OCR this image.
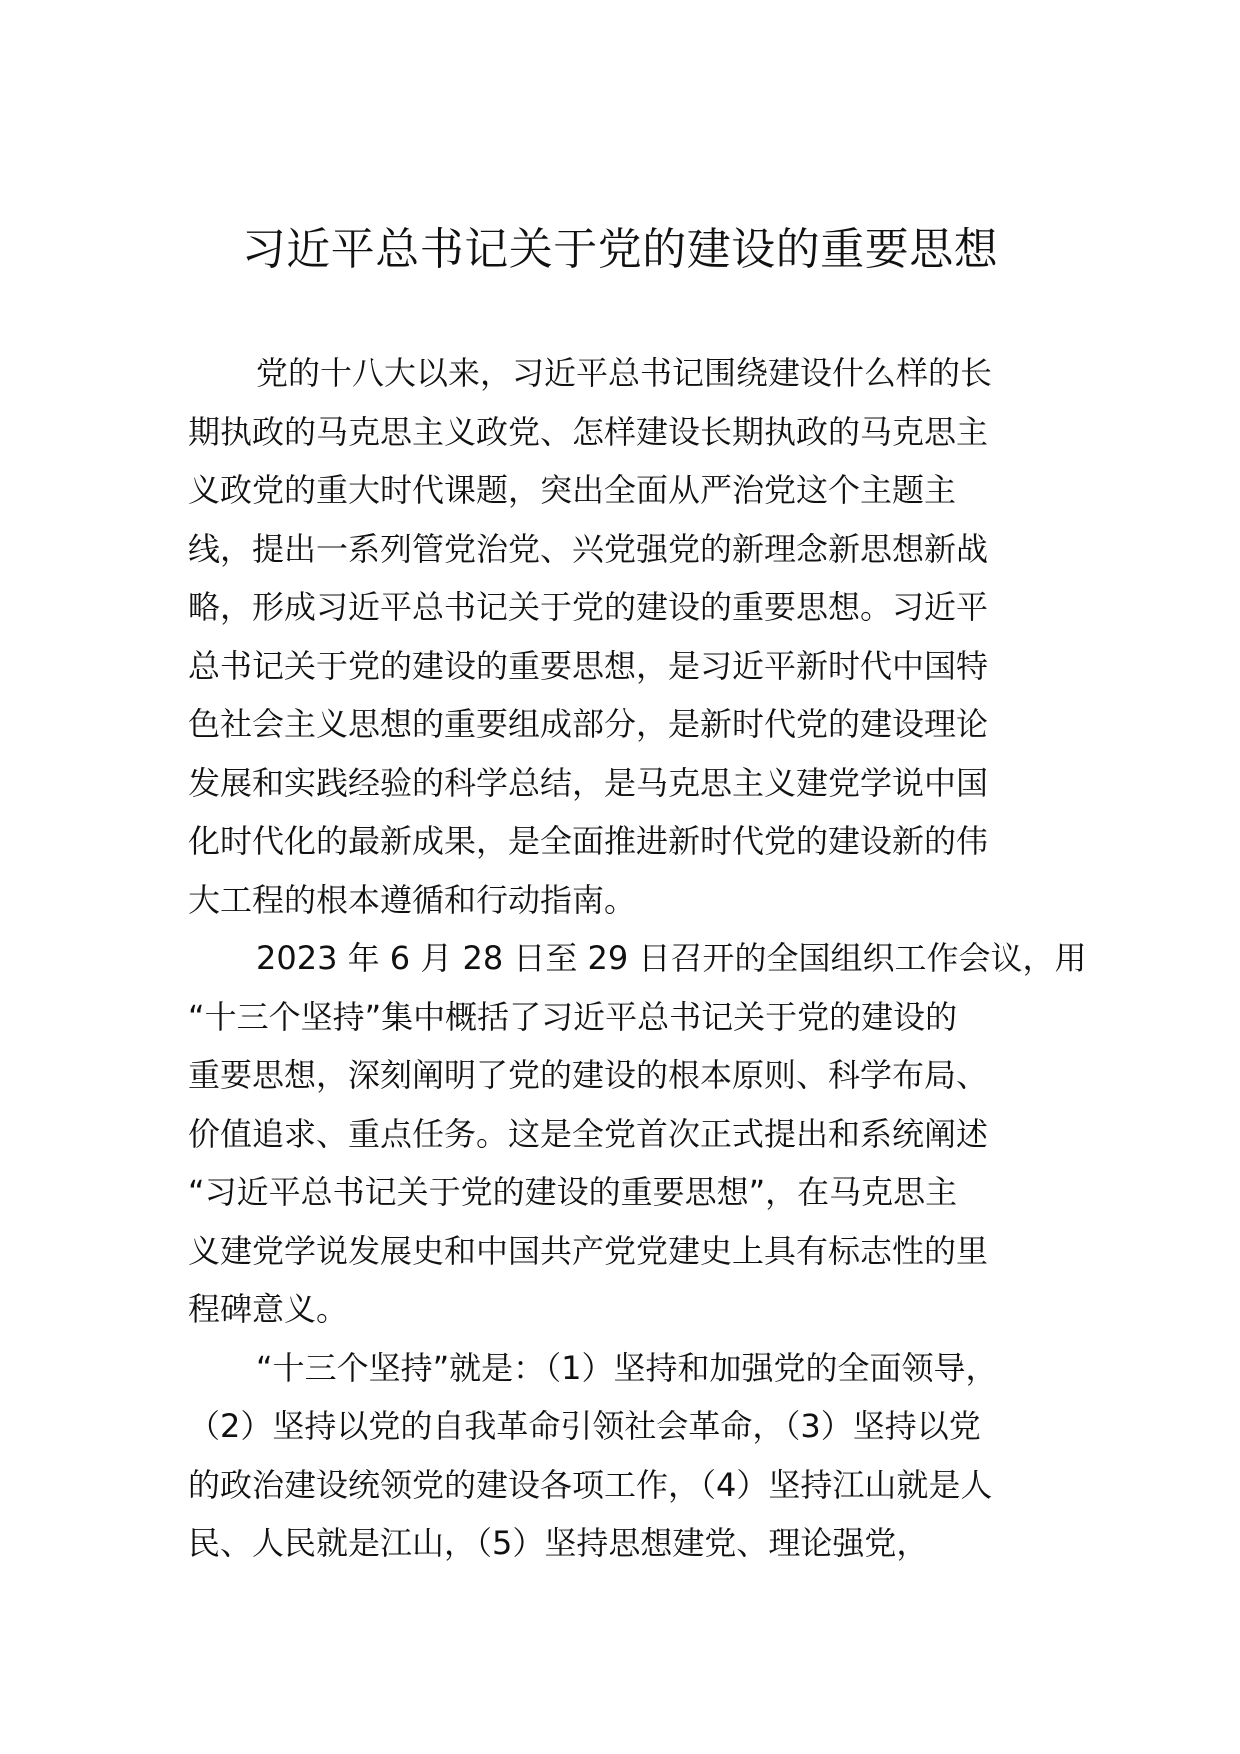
习近平总书记关于党的建设的重要思想
党的十八大以来，习近平总书记围绕建设什么样的长
期执政的马克思主义政党、怎样建设长期执政的马克思主
义政党的重大时代课题，突出全面从严治党这个主题主
线，提出一系列管党治党、兴党强党的新理念新思想新战
略，形成习近平总书记关于党的建设的重要思想。习近平
总书记关于党的建设的重要思想，是习近平新时代中国特
色社会主义思想的重要组成部分，是新时代党的建设理论
发展和实践经验的科学总结，是马克思主义建党学说中国
化时代化的最新成果，是全面推进新时代党的建设新的伟
大工程的根本遵循和行动指南。
2023 年 6 月 28 日至 29 日召开的全国组织工作会议，用
“十三个坚持”集中概括了习近平总书记关于党的建设的
重要思想，深刻阐明了党的建设的根本原则、科学布局、
价值追求、重点任务。这是全党首次正式提出和系统阐述
“习近平总书记关于党的建设的重要思想”，在马克思主
义建党学说发展史和中国共产党党建史上具有标志性的里
程碑意义。
“十三个坚持”就是：（1）坚持和加强党的全面领导，
（2）坚持以党的自我革命引领社会革命，（3）坚持以党
的政治建设统领党的建设各项工作，（4）坚持江山就是人
民、人民就是江山，（5）坚持思想建党、理论强党，
